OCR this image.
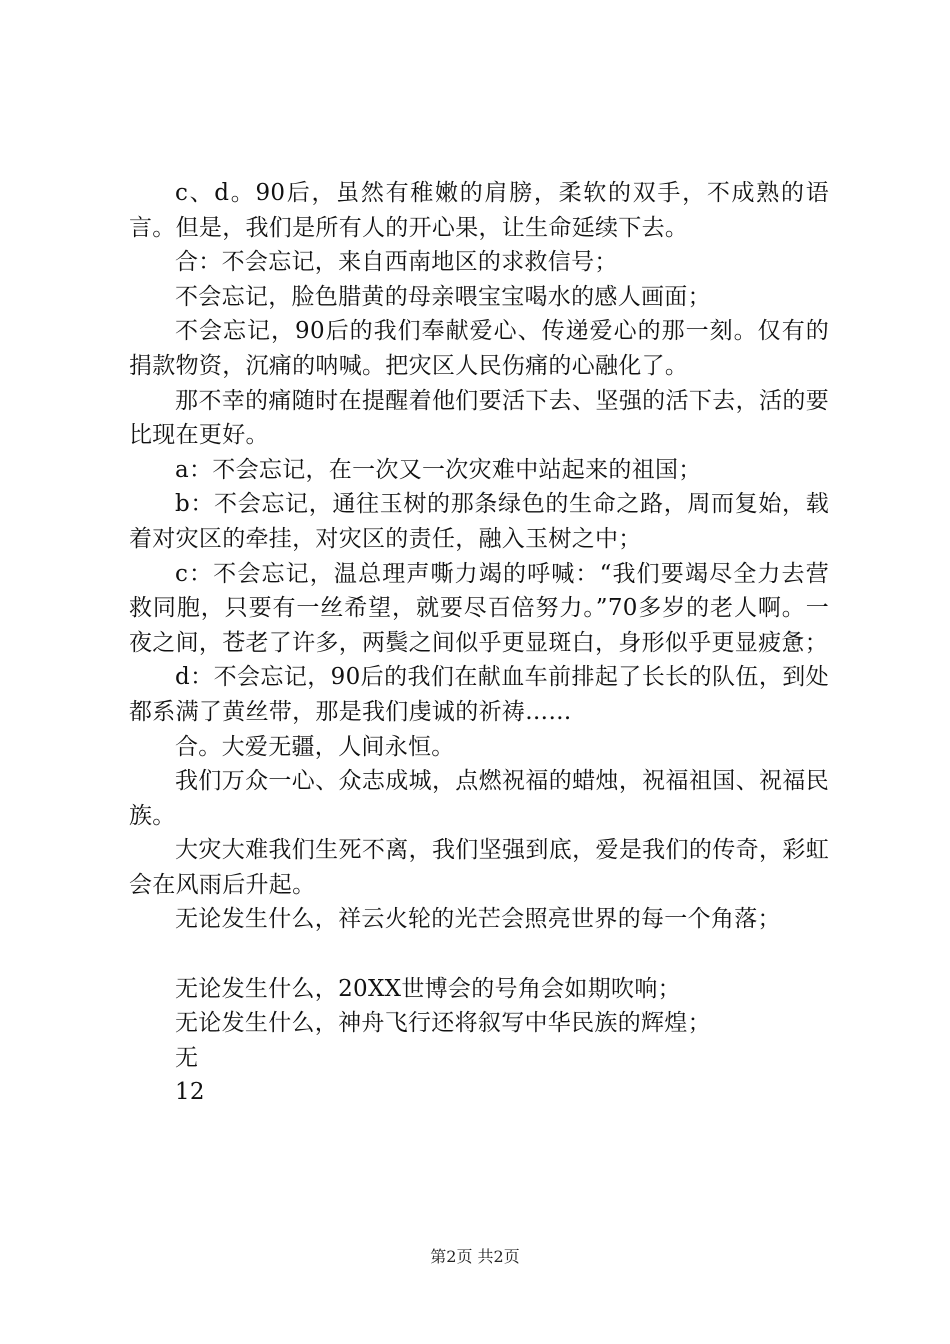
c、d。90后，虽然有稚嫩的肩膀，柔软的双手，不成熟的语言。但是，我们是所有人的开心果，让生命延续下去。

合：不会忘记，来自西南地区的求救信号；

不会忘记，脸色腊黄的母亲喂宝宝喝水的感人画面；

不会忘记，90后的我们奉献爱心、传递爱心的那一刻。仅有的捐款物资，沉痛的呐喊。把灾区人民伤痛的心融化了。

那不幸的痛随时在提醒着他们要活下去、坚强的活下去，活的要比现在更好。

a：不会忘记，在一次又一次灾难中站起来的祖国；

b：不会忘记，通往玉树的那条绿色的生命之路，周而复始，载着对灾区的牵挂，对灾区的责任，融入玉树之中；

c：不会忘记，温总理声嘶力竭的呼喊：“我们要竭尽全力去营救同胞，只要有一丝希望，就要尽百倍努力。”70多岁的老人啊。一夜之间，苍老了许多，两鬓之间似乎更显斑白，身形似乎更显疲惫；

d：不会忘记，90后的我们在献血车前排起了长长的队伍，到处都系满了黄丝带，那是我们虔诚的祈祷……

合。大爱无疆，人间永恒。

我们万众一心、众志成城，点燃祝福的蜡烛，祝福祖国、祝福民族。

大灾大难我们生死不离，我们坚强到底，爱是我们的传奇，彩虹会在风雨后升起。

无论发生什么，祥云火轮的光芒会照亮世界的每一个角落；

无论发生什么，20XX世博会的号角会如期吹响；

无论发生什么，神舟飞行还将叙写中华民族的辉煌；

无

12

第2页 共2页
